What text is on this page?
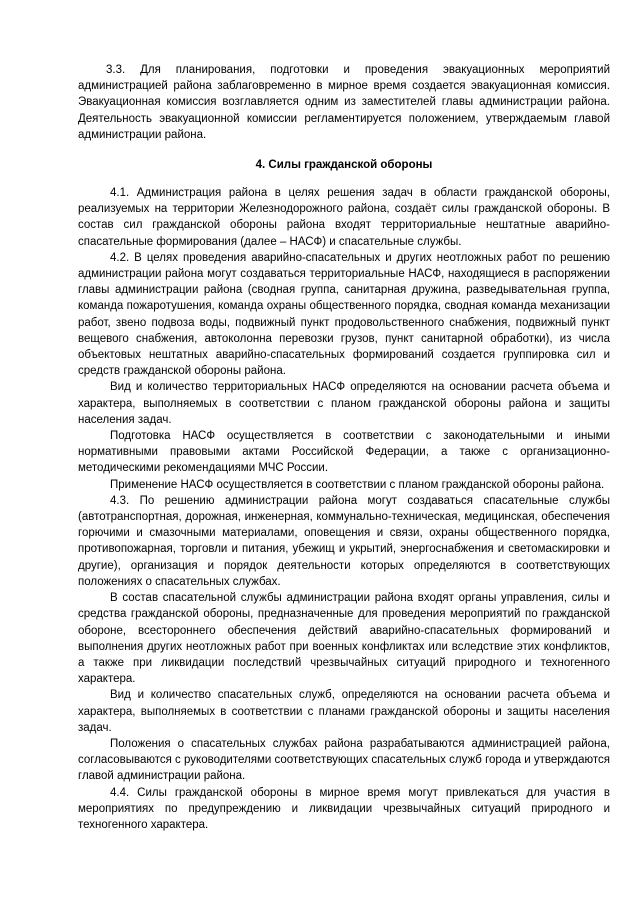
3.3. Для планирования, подготовки и проведения эвакуационных мероприятий администрацией района заблаговременно в мирное время создается эвакуационная комиссия. Эвакуационная комиссия возглавляется одним из заместителей главы администрации района. Деятельность эвакуационной комиссии регламентируется положением, утверждаемым главой администрации района.

4. Силы гражданской обороны

4.1. Администрация района в целях решения задач в области гражданской обороны, реализуемых на территории Железнодорожного района, создаёт силы гражданской обороны. В состав сил гражданской обороны района входят территориальные нештатные аварийно-спасательные формирования (далее – НАСФ) и спасательные службы.

4.2. В целях проведения аварийно-спасательных и других неотложных работ по решению администрации района могут создаваться территориальные НАСФ, находящиеся в распоряжении главы администрации района (сводная группа, санитарная дружина, разведывательная группа, команда пожаротушения, команда охраны общественного порядка, сводная команда механизации работ, звено подвоза воды, подвижный пункт продовольственного снабжения, подвижный пункт вещевого снабжения, автоколонна перевозки грузов, пункт санитарной обработки), из числа объектовых нештатных аварийно-спасательных формирований создается группировка сил и средств гражданской обороны района.

Вид и количество территориальных НАСФ определяются на основании расчета объема и характера, выполняемых в соответствии с планом гражданской обороны района и защиты населения задач.

Подготовка НАСФ осуществляется в соответствии с законодательными и иными нормативными правовыми актами Российской Федерации, а также с организационно-методическими рекомендациями МЧС России.

Применение НАСФ осуществляется в соответствии с планом гражданской обороны района.

4.3. По решению администрации района могут создаваться спасательные службы (автотранспортная, дорожная, инженерная, коммунально-техническая, медицинская, обеспечения горючими и смазочными материалами, оповещения и связи, охраны общественного порядка, противопожарная, торговли и питания, убежищ и укрытий, энергоснабжения и светомаскировки и другие), организация и порядок деятельности которых определяются в соответствующих положениях о спасательных службах.

В состав спасательной службы администрации района входят органы управления, силы и средства гражданской обороны, предназначенные для проведения мероприятий по гражданской обороне, всестороннего обеспечения действий аварийно-спасательных формирований и выполнения других неотложных работ при военных конфликтах или вследствие этих конфликтов, а также при ликвидации последствий чрезвычайных ситуаций природного и техногенного характера.

Вид и количество спасательных служб, определяются на основании расчета объема и характера, выполняемых в соответствии с планами гражданской обороны и защиты населения задач.

Положения о спасательных службах района разрабатываются администрацией района, согласовываются с руководителями соответствующих спасательных служб города и утверждаются главой администрации района.

4.4. Силы гражданской обороны в мирное время могут привлекаться для участия в мероприятиях по предупреждению и ликвидации чрезвычайных ситуаций природного и техногенного характера.
